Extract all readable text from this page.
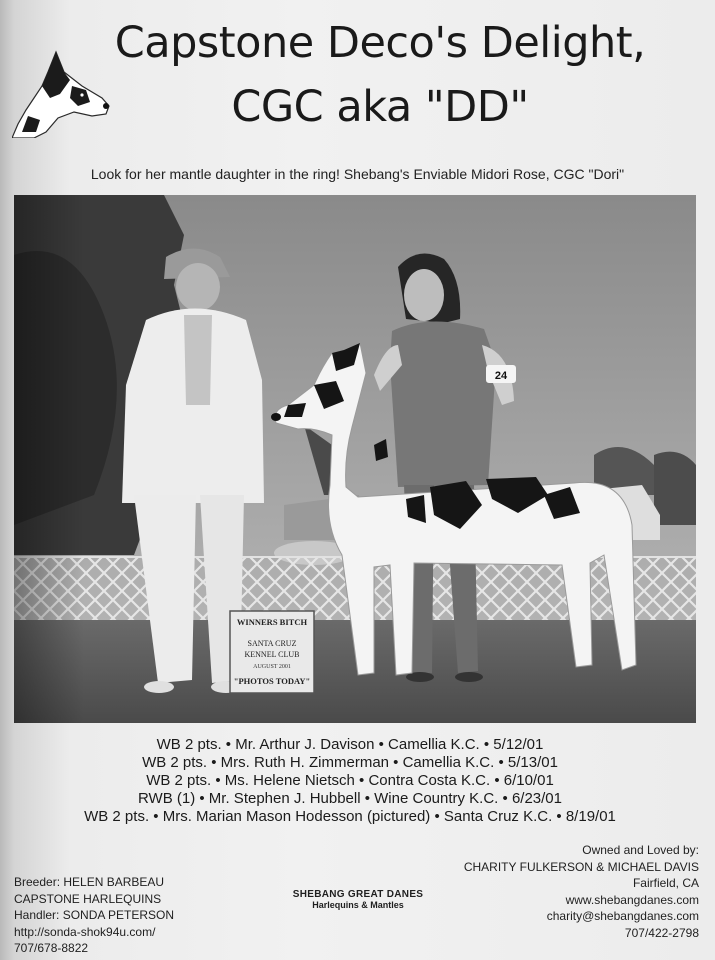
Capstone Deco's Delight,
CGC aka "DD"
Look for her mantle daughter in the ring! Shebang's Enviable Midori Rose, CGC "Dori"
WINNERS BITCH
SANTA CRUZ
KENNEL CLUB
AUGUST 2001
"PHOTOS TODAY"
24
WB 2 pts. • Mr. Arthur J. Davison • Camellia K.C. • 5/12/01
WB 2 pts. • Mrs. Ruth H. Zimmerman • Camellia K.C. • 5/13/01
WB 2 pts. • Ms. Helene Nietsch • Contra Costa K.C. • 6/10/01
RWB (1) • Mr. Stephen J. Hubbell • Wine Country K.C. • 6/23/01
WB 2 pts. • Mrs. Marian Mason Hodesson (pictured) • Santa Cruz K.C. • 8/19/01
Owned and Loved by:
CHARITY FULKERSON & MICHAEL DAVIS
Fairfield, CA
www.shebangdanes.com
charity@shebangdanes.com
707/422-2798
Breeder: HELEN BARBEAU
CAPSTONE HARLEQUINS
Handler: SONDA PETERSON
http://sonda-shok94u.com/
707/678-8822
SHEBANG GREAT DANES
Harlequins & Mantles
